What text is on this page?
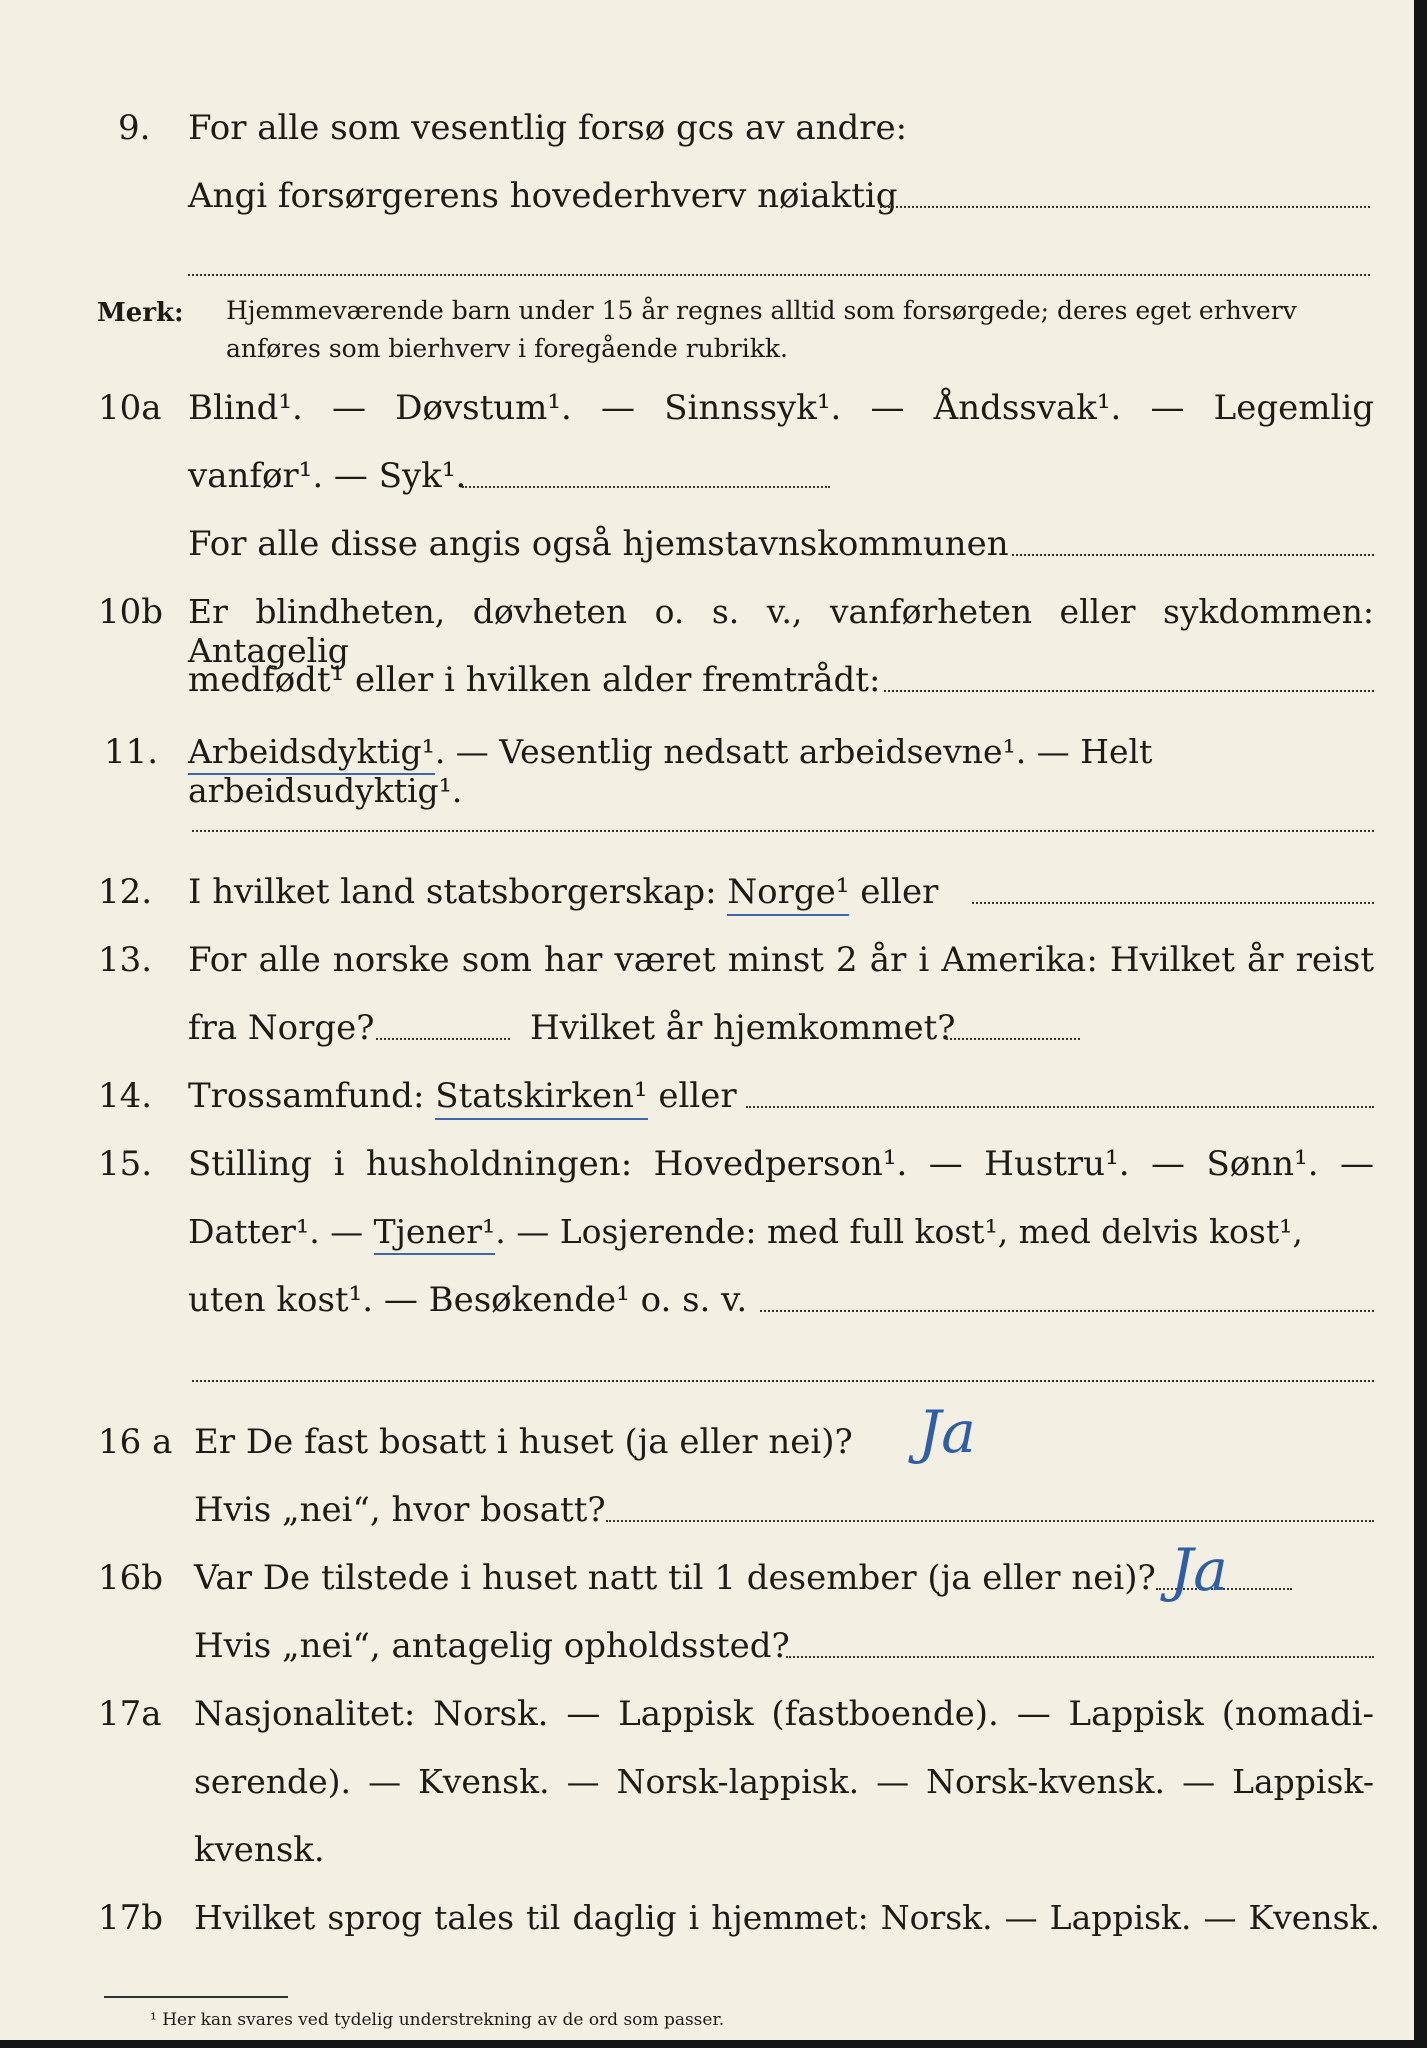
9. For alle som vesentlig forsø gcs av andre:
Angi forsørgerens hovederhverv nøiaktig
Merk: Hjemmeværende barn under 15 år regnes alltid som forsørgede; deres eget erhverv anføres som bierhverv i foregående rubrikk.
10a Blind¹. — Døvstum¹. — Sinnssyk¹. — Åndssvak¹. — Legemlig
vanfør¹. — Syk¹.
For alle disse angis også hjemstavnskommunen
10b Er blindheten, døvheten o. s. v., vanførheten eller sykdommen: Antagelig
medfødt¹ eller i hvilken alder fremtrådt:
11. Arbeidsdyktig¹. — Vesentlig nedsatt arbeidsevne¹. — Helt arbeidsudyktig¹.
12. I hvilket land statsborgerskap: Norge¹ eller
13. For alle norske som har været minst 2 år i Amerika: Hvilket år reist
fra Norge?	Hvilket år hjemkommet?
14. Trossamfund: Statskirken¹ eller
15. Stilling i husholdningen: Hovedperson¹. — Hustru¹. — Sønn¹. —
Datter¹. — Tjener¹. — Losjerende: med full kost¹, med delvis kost¹,
uten kost¹. — Besøkende¹ o. s. v.
16 a Er De fast bosatt i huset (ja eller nei)? Ja
Hvis „nei“, hvor bosatt?
16b Var De tilstede i huset natt til 1 desember (ja eller nei)? Ja
Hvis „nei“, antagelig opholdssted?
17a Nasjonalitet: Norsk. — Lappisk (fastboende). — Lappisk (nomadi-
serende). — Kvensk. — Norsk-lappisk. — Norsk-kvensk. — Lappisk-
kvensk.
17b Hvilket sprog tales til daglig i hjemmet: Norsk. — Lappisk. — Kvensk.
¹ Her kan svares ved tydelig understrekning av de ord som passer.
